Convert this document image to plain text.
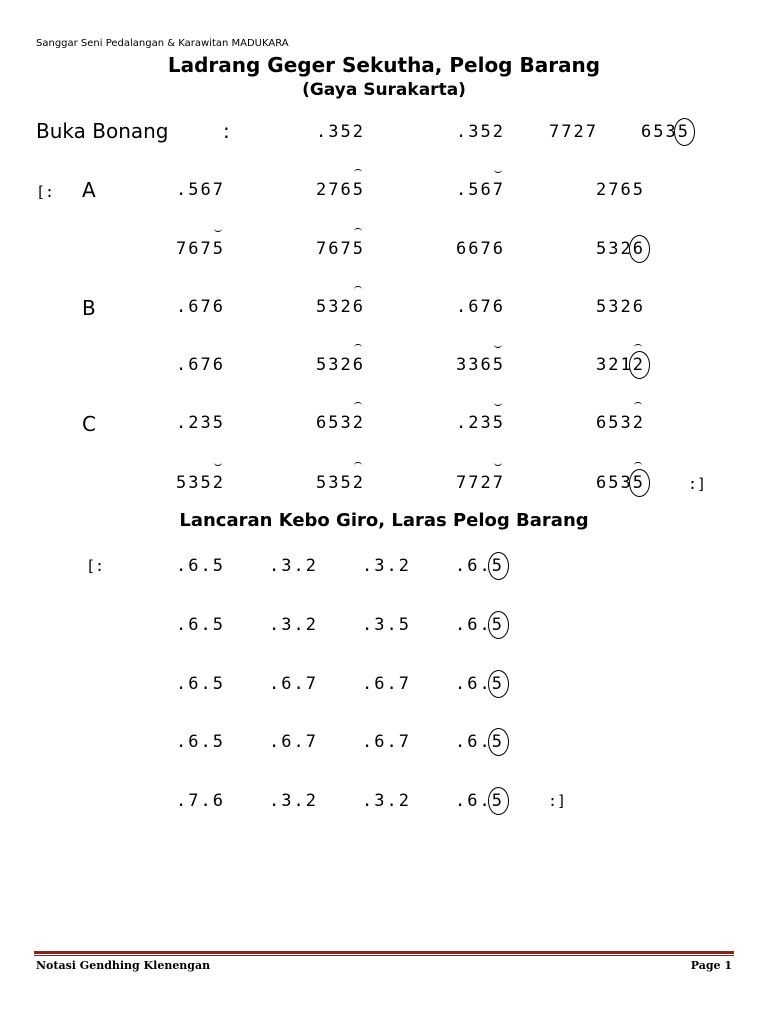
Sanggar Seni Pedalangan & Karawitan MADUKARA
Ladrang Geger Sekutha, Pelog Barang
(Gaya Surakarta)
Buka Bonang	:
[: A
B
C
:]
.352	.352	7727	6535
.567	2765	.567	2765
7675	7675	6676	5326
.676	5326	.676	5326
.676	5326	3365	3212
.235	6532	.235	6532
5352	5352	7727	6535
Lancaran Kebo Giro, Laras Pelog Barang
[:
:]
.6.5	.3.2	.3.2	.6.5
.6.5	.3.2	.3.5	.6.5
.6.5	.6.7	.6.7	.6.5
.6.5	.6.7	.6.7	.6.5
.7.6	.3.2	.3.2	.6.5
Notasi Gendhing Klenengan	Page 1
